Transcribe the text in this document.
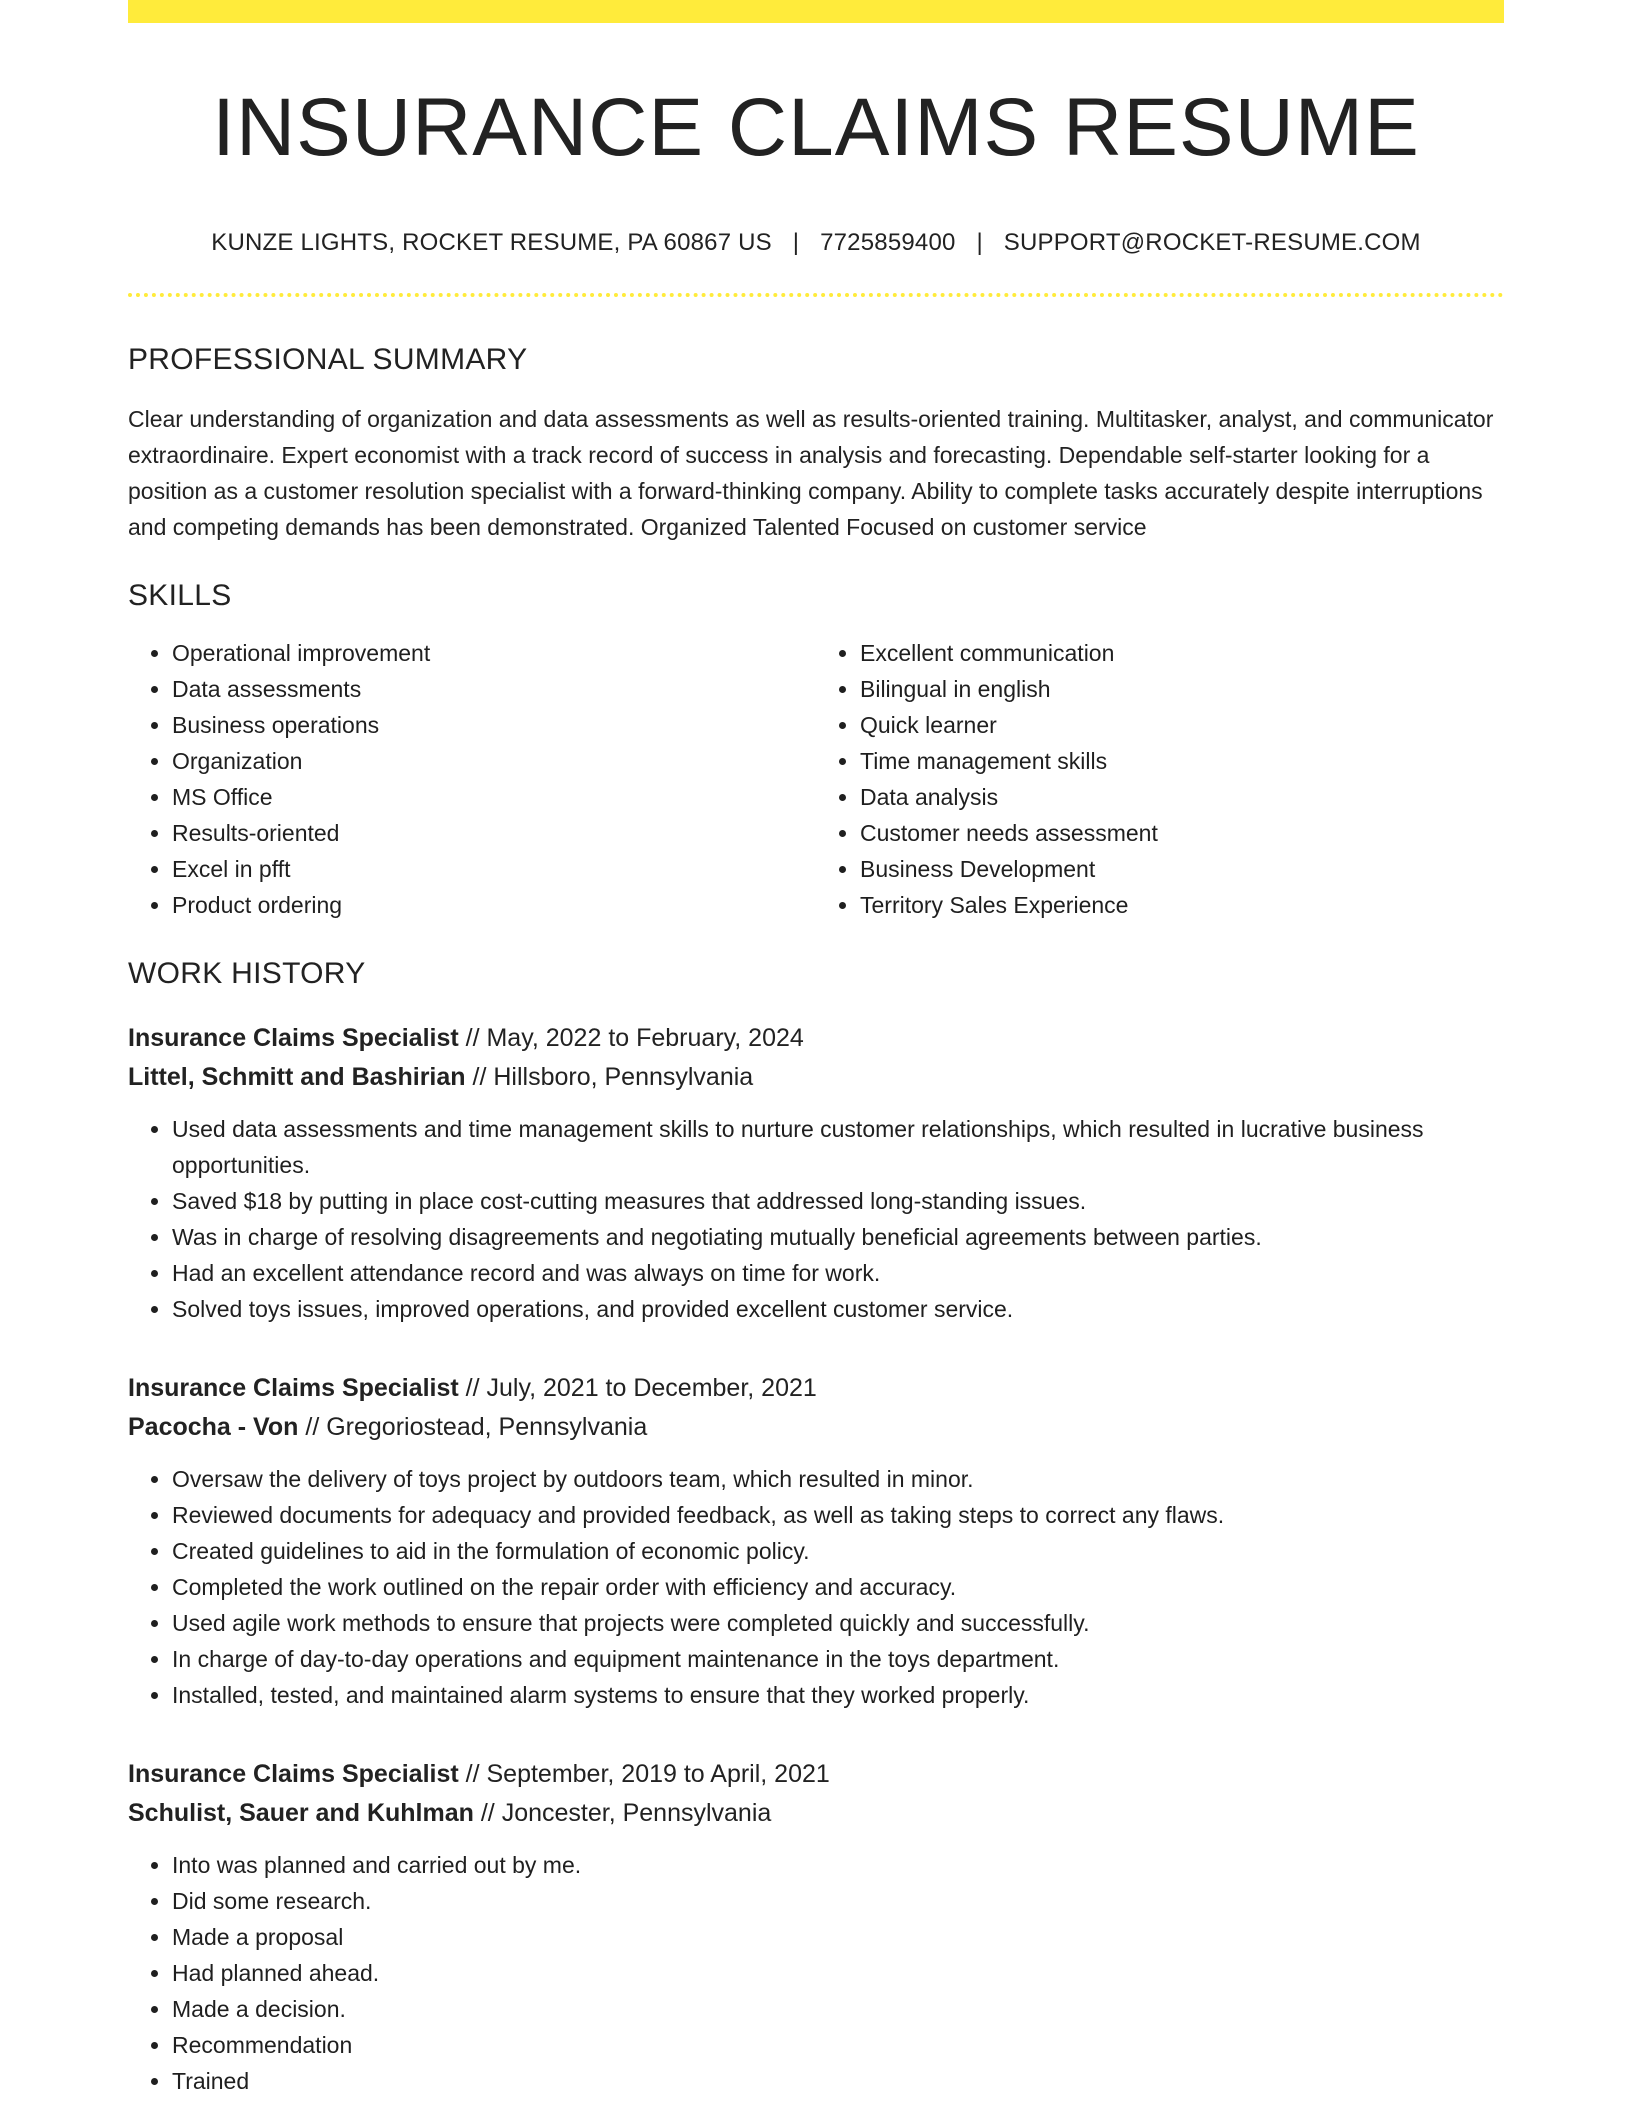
INSURANCE CLAIMS RESUME
KUNZE LIGHTS, ROCKET RESUME, PA 60867 US | 7725859400 | SUPPORT@ROCKET-RESUME.COM
PROFESSIONAL SUMMARY
Clear understanding of organization and data assessments as well as results-oriented training. Multitasker, analyst, and communicator extraordinaire. Expert economist with a track record of success in analysis and forecasting. Dependable self-starter looking for a position as a customer resolution specialist with a forward-thinking company. Ability to complete tasks accurately despite interruptions and competing demands has been demonstrated. Organized Talented Focused on customer service
SKILLS
• Operational improvement
• Data assessments
• Business operations
• Organization
• MS Office
• Results-oriented
• Excel in pfft
• Product ordering
• Excellent communication
• Bilingual in english
• Quick learner
• Time management skills
• Data analysis
• Customer needs assessment
• Business Development
• Territory Sales Experience
WORK HISTORY
Insurance Claims Specialist // May, 2022 to February, 2024
Littel, Schmitt and Bashirian // Hillsboro, Pennsylvania
• Used data assessments and time management skills to nurture customer relationships, which resulted in lucrative business opportunities.
• Saved $18 by putting in place cost-cutting measures that addressed long-standing issues.
• Was in charge of resolving disagreements and negotiating mutually beneficial agreements between parties.
• Had an excellent attendance record and was always on time for work.
• Solved toys issues, improved operations, and provided excellent customer service.
Insurance Claims Specialist // July, 2021 to December, 2021
Pacocha - Von // Gregoriostead, Pennsylvania
• Oversaw the delivery of toys project by outdoors team, which resulted in minor.
• Reviewed documents for adequacy and provided feedback, as well as taking steps to correct any flaws.
• Created guidelines to aid in the formulation of economic policy.
• Completed the work outlined on the repair order with efficiency and accuracy.
• Used agile work methods to ensure that projects were completed quickly and successfully.
• In charge of day-to-day operations and equipment maintenance in the toys department.
• Installed, tested, and maintained alarm systems to ensure that they worked properly.
Insurance Claims Specialist // September, 2019 to April, 2021
Schulist, Sauer and Kuhlman // Joncester, Pennsylvania
• Into was planned and carried out by me.
• Did some research.
• Made a proposal
• Had planned ahead.
• Made a decision.
• Recommendation
• Trained
